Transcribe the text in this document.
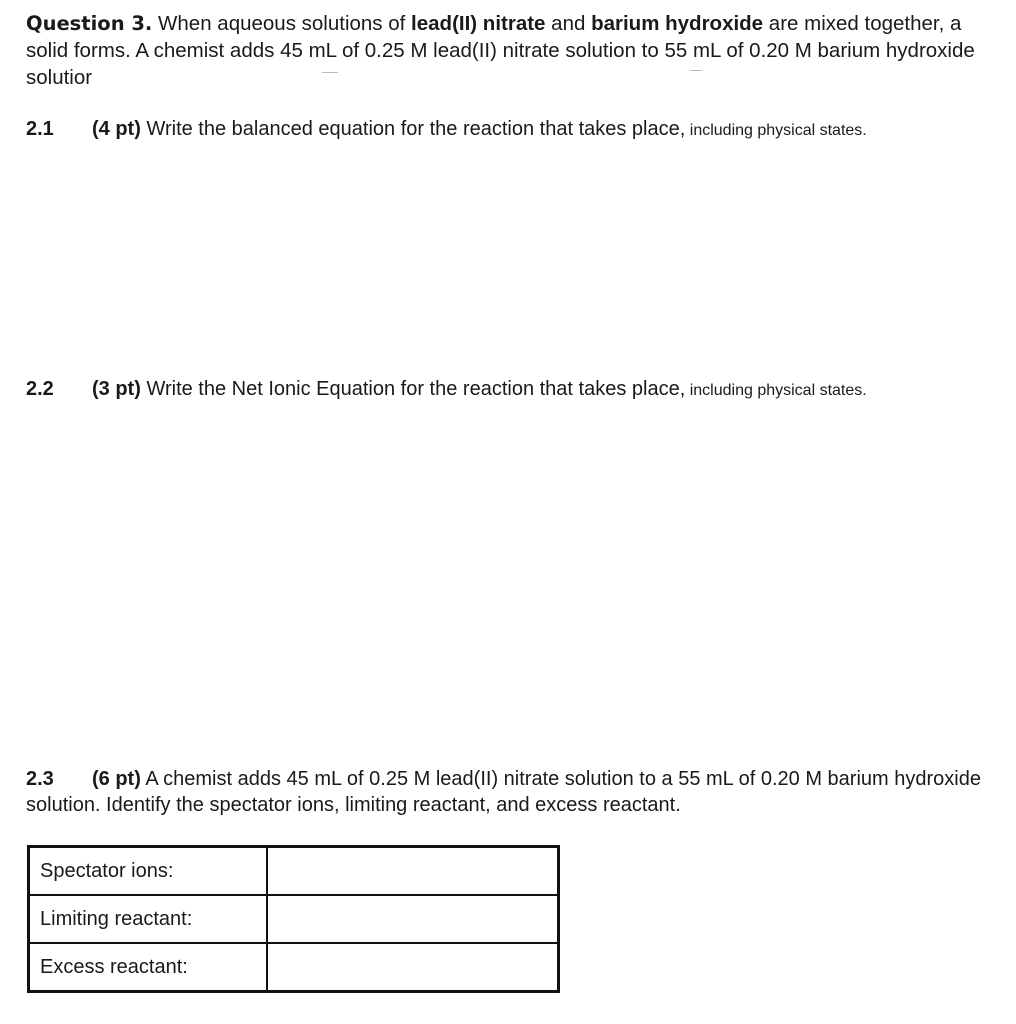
Question 3. When aqueous solutions of lead(II) nitrate and barium hydroxide are mixed together, a solid forms. A chemist adds 45 mL of 0.25 M lead(II) nitrate solution to 55 mL of 0.20 M barium hydroxide solutior
2.1 (4 pt) Write the balanced equation for the reaction that takes place, including physical states.
2.2 (3 pt) Write the Net Ionic Equation for the reaction that takes place, including physical states.
2.3 (6 pt) A chemist adds 45 mL of 0.25 M lead(II) nitrate solution to a 55 mL of 0.20 M barium hydroxide solution. Identify the spectator ions, limiting reactant, and excess reactant.
Spectator ions:	
Limiting reactant:	
Excess reactant:	
